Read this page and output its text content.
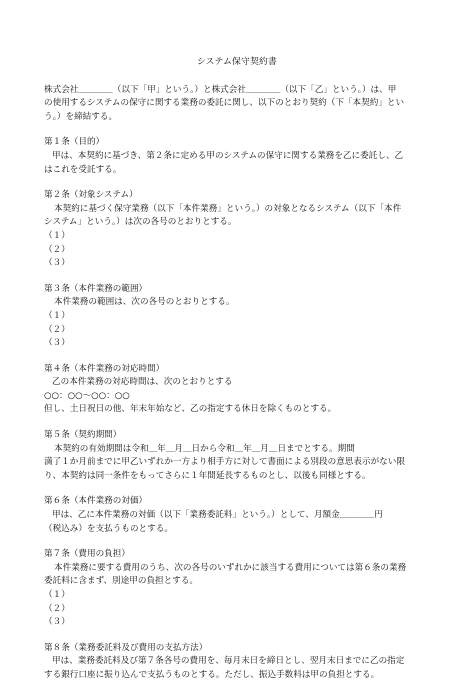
システム保守契約書
株式会社＿＿＿＿（以下「甲」という。）と株式会社＿＿＿＿（以下「乙」という。）は、甲
の使用するシステムの保守に関する業務の委託に関し、以下のとおり契約（下「本契約」とい
う。）を締結する。
第１条（目的）
甲は、本契約に基づき、第２条に定める甲のシステムの保守に関する業務を乙に委託し、乙
はこれを受託する。
第２条（対象システム）
本契約に基づく保守業務（以下「本件業務」という。）の対象となるシステム（以下「本件
システム」という。）は次の各号のとおりとする。
（１）
（２）
（３）
第３条（本件業務の範囲）
本件業務の範囲は、次の各号のとおりとする。
（１）
（２）
（３）
第４条（本件業務の対応時間）
乙の本件業務の対応時間は、次のとおりとする
○○：○○〜○○：○○
但し、土日祝日の他、年末年始など、乙の指定する休日を除くものとする。
第５条（契約期間）
本契約の有効期間は令和＿年＿月＿日から令和＿年＿月＿日までとする。期間
満了１か月前までに甲乙いずれか一方より相手方に対して書面による別段の意思表示がない限
り、本契約は同一条件をもってさらに１年間延長するものとし、以後も同様とする。
第６条（本件業務の対価）
甲は、乙に本件業務の対価（以下「業務委託料」という。）として、月額金＿＿＿＿円
（税込み）を支払うものとする。
第７条（費用の負担）
本件業務に要する費用のうち、次の各号のいずれかに該当する費用については第６条の業務
委託料に含まず、別途甲の負担とする。
（１）
（２）
（３）
第８条（業務委託料及び費用の支払方法）
甲は、業務委託料及び第７条各号の費用を、毎月末日を締日とし、翌月末日までに乙の指定
する銀行口座に振り込んで支払うものとする。ただし、振込手数料は甲の負担とする。
